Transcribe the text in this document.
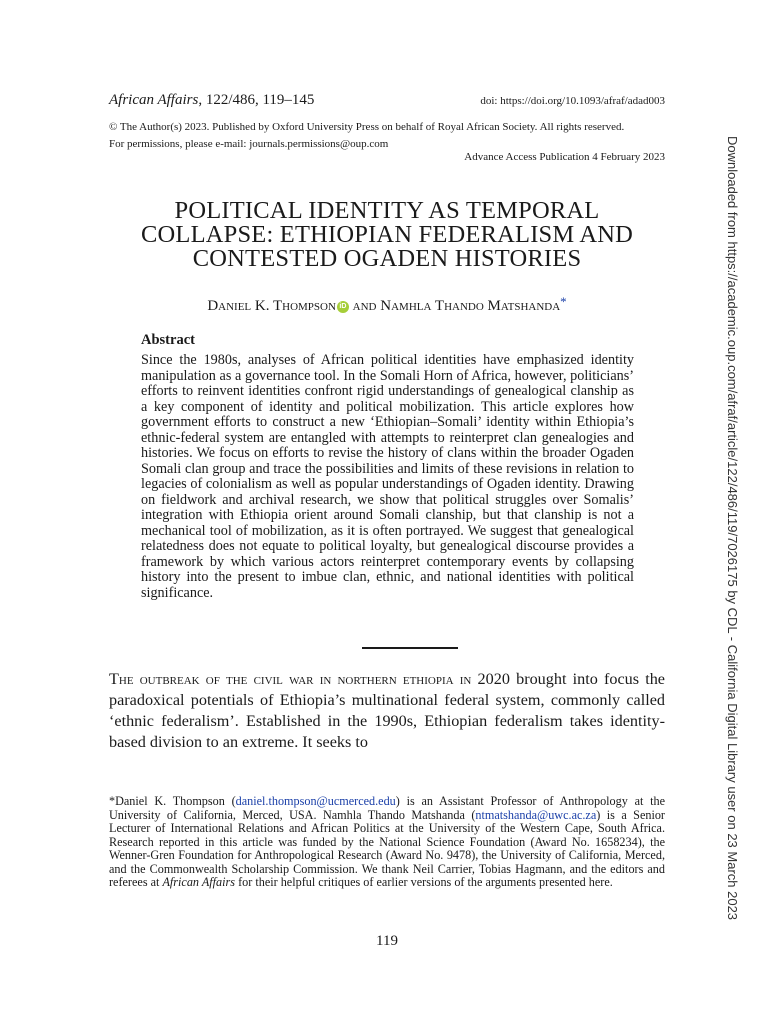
African Affairs, 122/486, 119–145	doi: https://doi.org/10.1093/afraf/adad003
© The Author(s) 2023. Published by Oxford University Press on behalf of Royal African Society. All rights reserved.
For permissions, please e-mail: journals.permissions@oup.com
Advance Access Publication 4 February 2023
POLITICAL IDENTITY AS TEMPORAL
COLLAPSE: ETHIOPIAN FEDERALISM AND
CONTESTED OGADEN HISTORIES
Daniel K. Thompson iD and Namhla Thando Matshanda*
Abstract
Since the 1980s, analyses of African political identities have emphasized identity manipulation as a governance tool. In the Somali Horn of Africa, however, politicians’ efforts to reinvent identities confront rigid understandings of genealogical clanship as a key component of identity and political mobilization. This article explores how government efforts to construct a new ‘Ethiopian–Somali’ identity within Ethiopia’s ethnic-federal system are entangled with attempts to reinterpret clan genealogies and histories. We focus on efforts to revise the history of clans within the broader Ogaden Somali clan group and trace the possibilities and limits of these revisions in relation to legacies of colonialism as well as popular understandings of Ogaden identity. Drawing on fieldwork and archival research, we show that political struggles over Somalis’ integration with Ethiopia orient around Somali clanship, but that clanship is not a mechanical tool of mobilization, as it is often portrayed. We suggest that genealogical relatedness does not equate to political loyalty, but genealogical discourse provides a framework by which various actors reinterpret contemporary events by collapsing history into the present to imbue clan, ethnic, and national identities with political significance.
The outbreak of the civil war in northern ethiopia in 2020 brought into focus the paradoxical potentials of Ethiopia’s multinational federal system, commonly called ‘ethnic federalism’. Established in the 1990s, Ethiopian federalism takes identity-based division to an extreme. It seeks to
*Daniel K. Thompson (daniel.thompson@ucmerced.edu) is an Assistant Professor of Anthropology at the University of California, Merced, USA. Namhla Thando Matshanda (ntmatshanda@uwc.ac.za) is a Senior Lecturer of International Relations and African Politics at the University of the Western Cape, South Africa. Research reported in this article was funded by the National Science Foundation (Award No. 1658234), the Wenner-Gren Foundation for Anthropological Research (Award No. 9478), the University of California, Merced, and the Commonwealth Scholarship Commission. We thank Neil Carrier, Tobias Hagmann, and the editors and referees at African Affairs for their helpful critiques of earlier versions of the arguments presented here.
119
Downloaded from https://academic.oup.com/afraf/article/122/486/119/7026175 by CDL - California Digital Library user on 23 March 2023
